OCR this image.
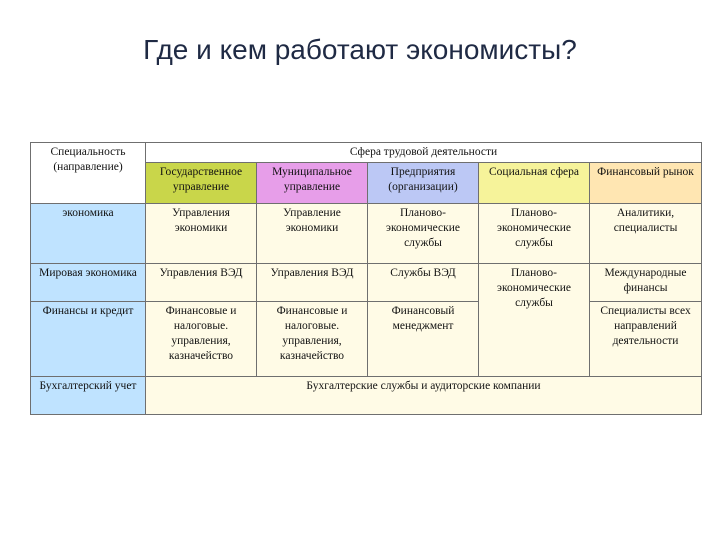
Где и кем работают экономисты?
Специальность (направление)	Сфера трудовой деятельности				
	Государственное управление	Муниципальное управление	Предприятия (организации)	Социальная сфера	Финансовый рынок
экономика	Управления экономики	Управление экономики	Планово-экономические службы	Планово-экономические службы	Аналитики, специалисты
Мировая экономика	Управления ВЭД	Управления ВЭД	Службы ВЭД	Планово-экономические службы	Международные финансы
Финансы и кредит	Финансовые и налоговые. управления, казначейство	Финансовые и налоговые. управления, казначейство	Финансовый менеджмент		Специалисты всех направлений деятельности
Бухгалтерский учет	Бухгалтерские службы и аудиторские компании				
